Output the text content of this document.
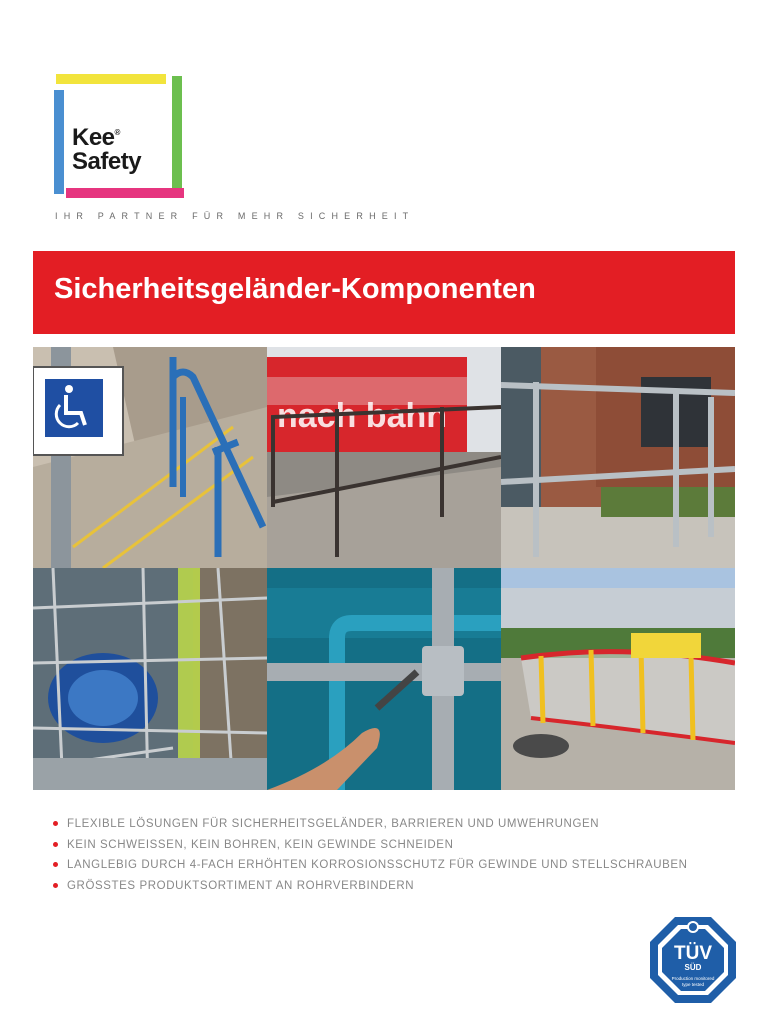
Kee®
Safety
IHR PARTNER FÜR MEHR SICHERHEIT
Sicherheitsgeländer-Komponenten
nach bahn
FLEXIBLE LÖSUNGEN FÜR SICHERHEITSGELÄNDER, BARRIEREN UND UMWEHRUNGEN
KEIN SCHWEISSEN, KEIN BOHREN, KEIN GEWINDE SCHNEIDEN
LANGLEBIG DURCH 4-FACH ERHÖHTEN KORROSIONSSCHUTZ FÜR GEWINDE UND STELLSCHRAUBEN
GRÖSSTES PRODUKTSORTIMENT AN ROHRVERBINDERN
TÜV
SÜD
Production monitored
type tested
